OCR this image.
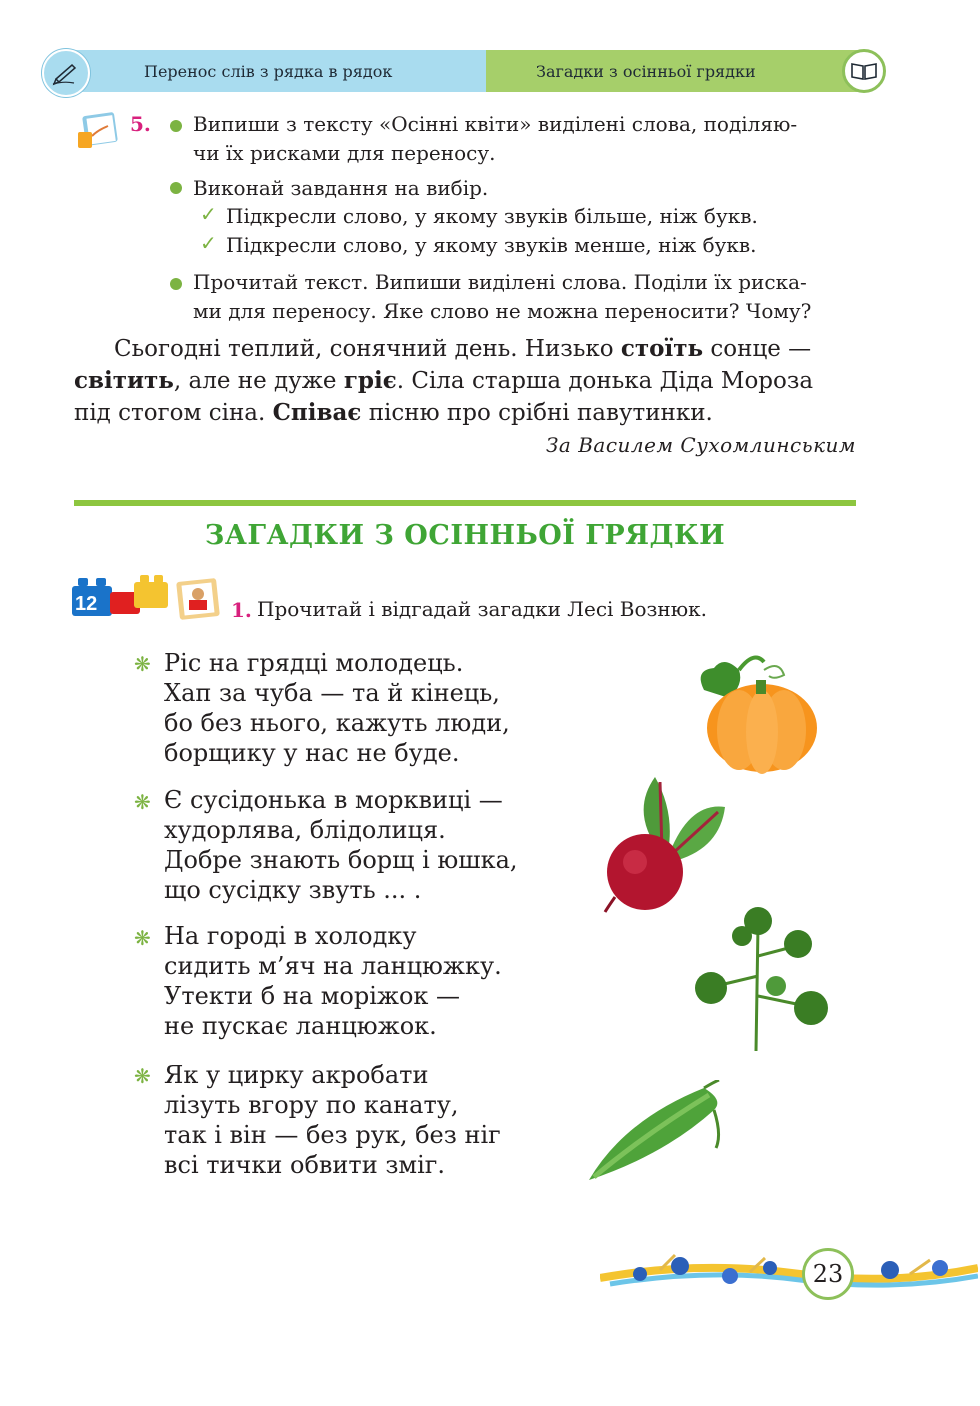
Перенос слів з рядка в рядок	Загадки з осінньої грядки
5. Випиши з тексту «Осінні квіти» виділені слова, поділяю-
чи їх рисками для переносу.
Виконай завдання на вибір.
✓ Підкресли слово, у якому звуків більше, ніж букв.
✓ Підкресли слово, у якому звуків менше, ніж букв.
Прочитай текст. Випиши виділені слова. Поділи їх риска-
ми для переносу. Яке слово не можна переносити? Чому?
Сьогодні теплий, сонячний день. Низько стоїть сонце —
світить, але не дуже гріє. Сіла старша донька Діда Мороза
під стогом сіна. Співає пісню про срібні павутинки.
За Василем Сухомлинським
ЗАГАДКИ З ОСІННЬОЇ ГРЯДКИ
12	1. Прочитай і відгадай загадки Лесі Вознюк.
❋ Ріс на грядці молодець.
Хап за чуба — та й кінець,
бо без нього, кажуть люди,
борщику у нас не буде.
❋ Є сусідонька в морквиці —
худорлява, блідолиця.
Добре знають борщ і юшка,
що сусідку звуть ... .
❋ На городі в холодку
сидить м’яч на ланцюжку.
Утекти б на моріжок —
не пускає ланцюжок.
❋ Як у цирку акробати
лізуть вгору по канату,
так і він — без рук, без ніг
всі тички обвити зміг.
23
